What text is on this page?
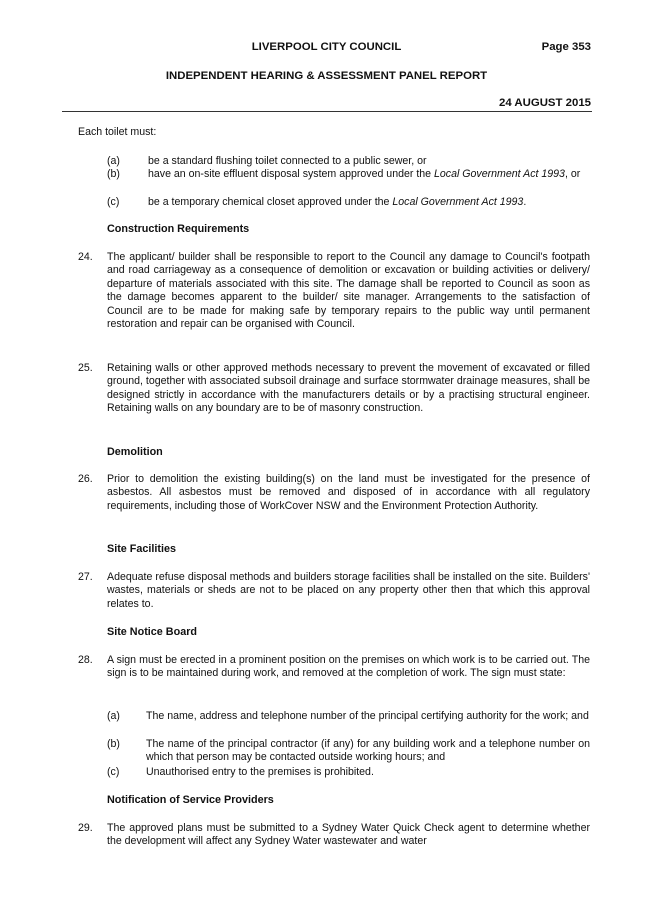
LIVERPOOL CITY COUNCIL	Page 353
INDEPENDENT HEARING & ASSESSMENT PANEL REPORT
24 AUGUST 2015
Each toilet must:
(a)	be a standard flushing toilet connected to a public sewer, or
(b)	have an on-site effluent disposal system approved under the Local Government Act 1993, or
(c)	be a temporary chemical closet approved under the Local Government Act 1993.
Construction Requirements
24. The applicant/ builder shall be responsible to report to the Council any damage to Council's footpath and road carriageway as a consequence of demolition or excavation or building activities or delivery/ departure of materials associated with this site. The damage shall be reported to Council as soon as the damage becomes apparent to the builder/ site manager. Arrangements to the satisfaction of Council are to be made for making safe by temporary repairs to the public way until permanent restoration and repair can be organised with Council.
25. Retaining walls or other approved methods necessary to prevent the movement of excavated or filled ground, together with associated subsoil drainage and surface stormwater drainage measures, shall be designed strictly in accordance with the manufacturers details or by a practising structural engineer. Retaining walls on any boundary are to be of masonry construction.
Demolition
26. Prior to demolition the existing building(s) on the land must be investigated for the presence of asbestos. All asbestos must be removed and disposed of in accordance with all regulatory requirements, including those of WorkCover NSW and the Environment Protection Authority.
Site Facilities
27. Adequate refuse disposal methods and builders storage facilities shall be installed on the site. Builders' wastes, materials or sheds are not to be placed on any property other then that which this approval relates to.
Site Notice Board
28. A sign must be erected in a prominent position on the premises on which work is to be carried out. The sign is to be maintained during work, and removed at the completion of work. The sign must state:
(a) The name, address and telephone number of the principal certifying authority for the work; and
(b) The name of the principal contractor (if any) for any building work and a telephone number on which that person may be contacted outside working hours; and
(c)	Unauthorised entry to the premises is prohibited.
Notification of Service Providers
29. The approved plans must be submitted to a Sydney Water Quick Check agent to determine whether the development will affect any Sydney Water wastewater and water
